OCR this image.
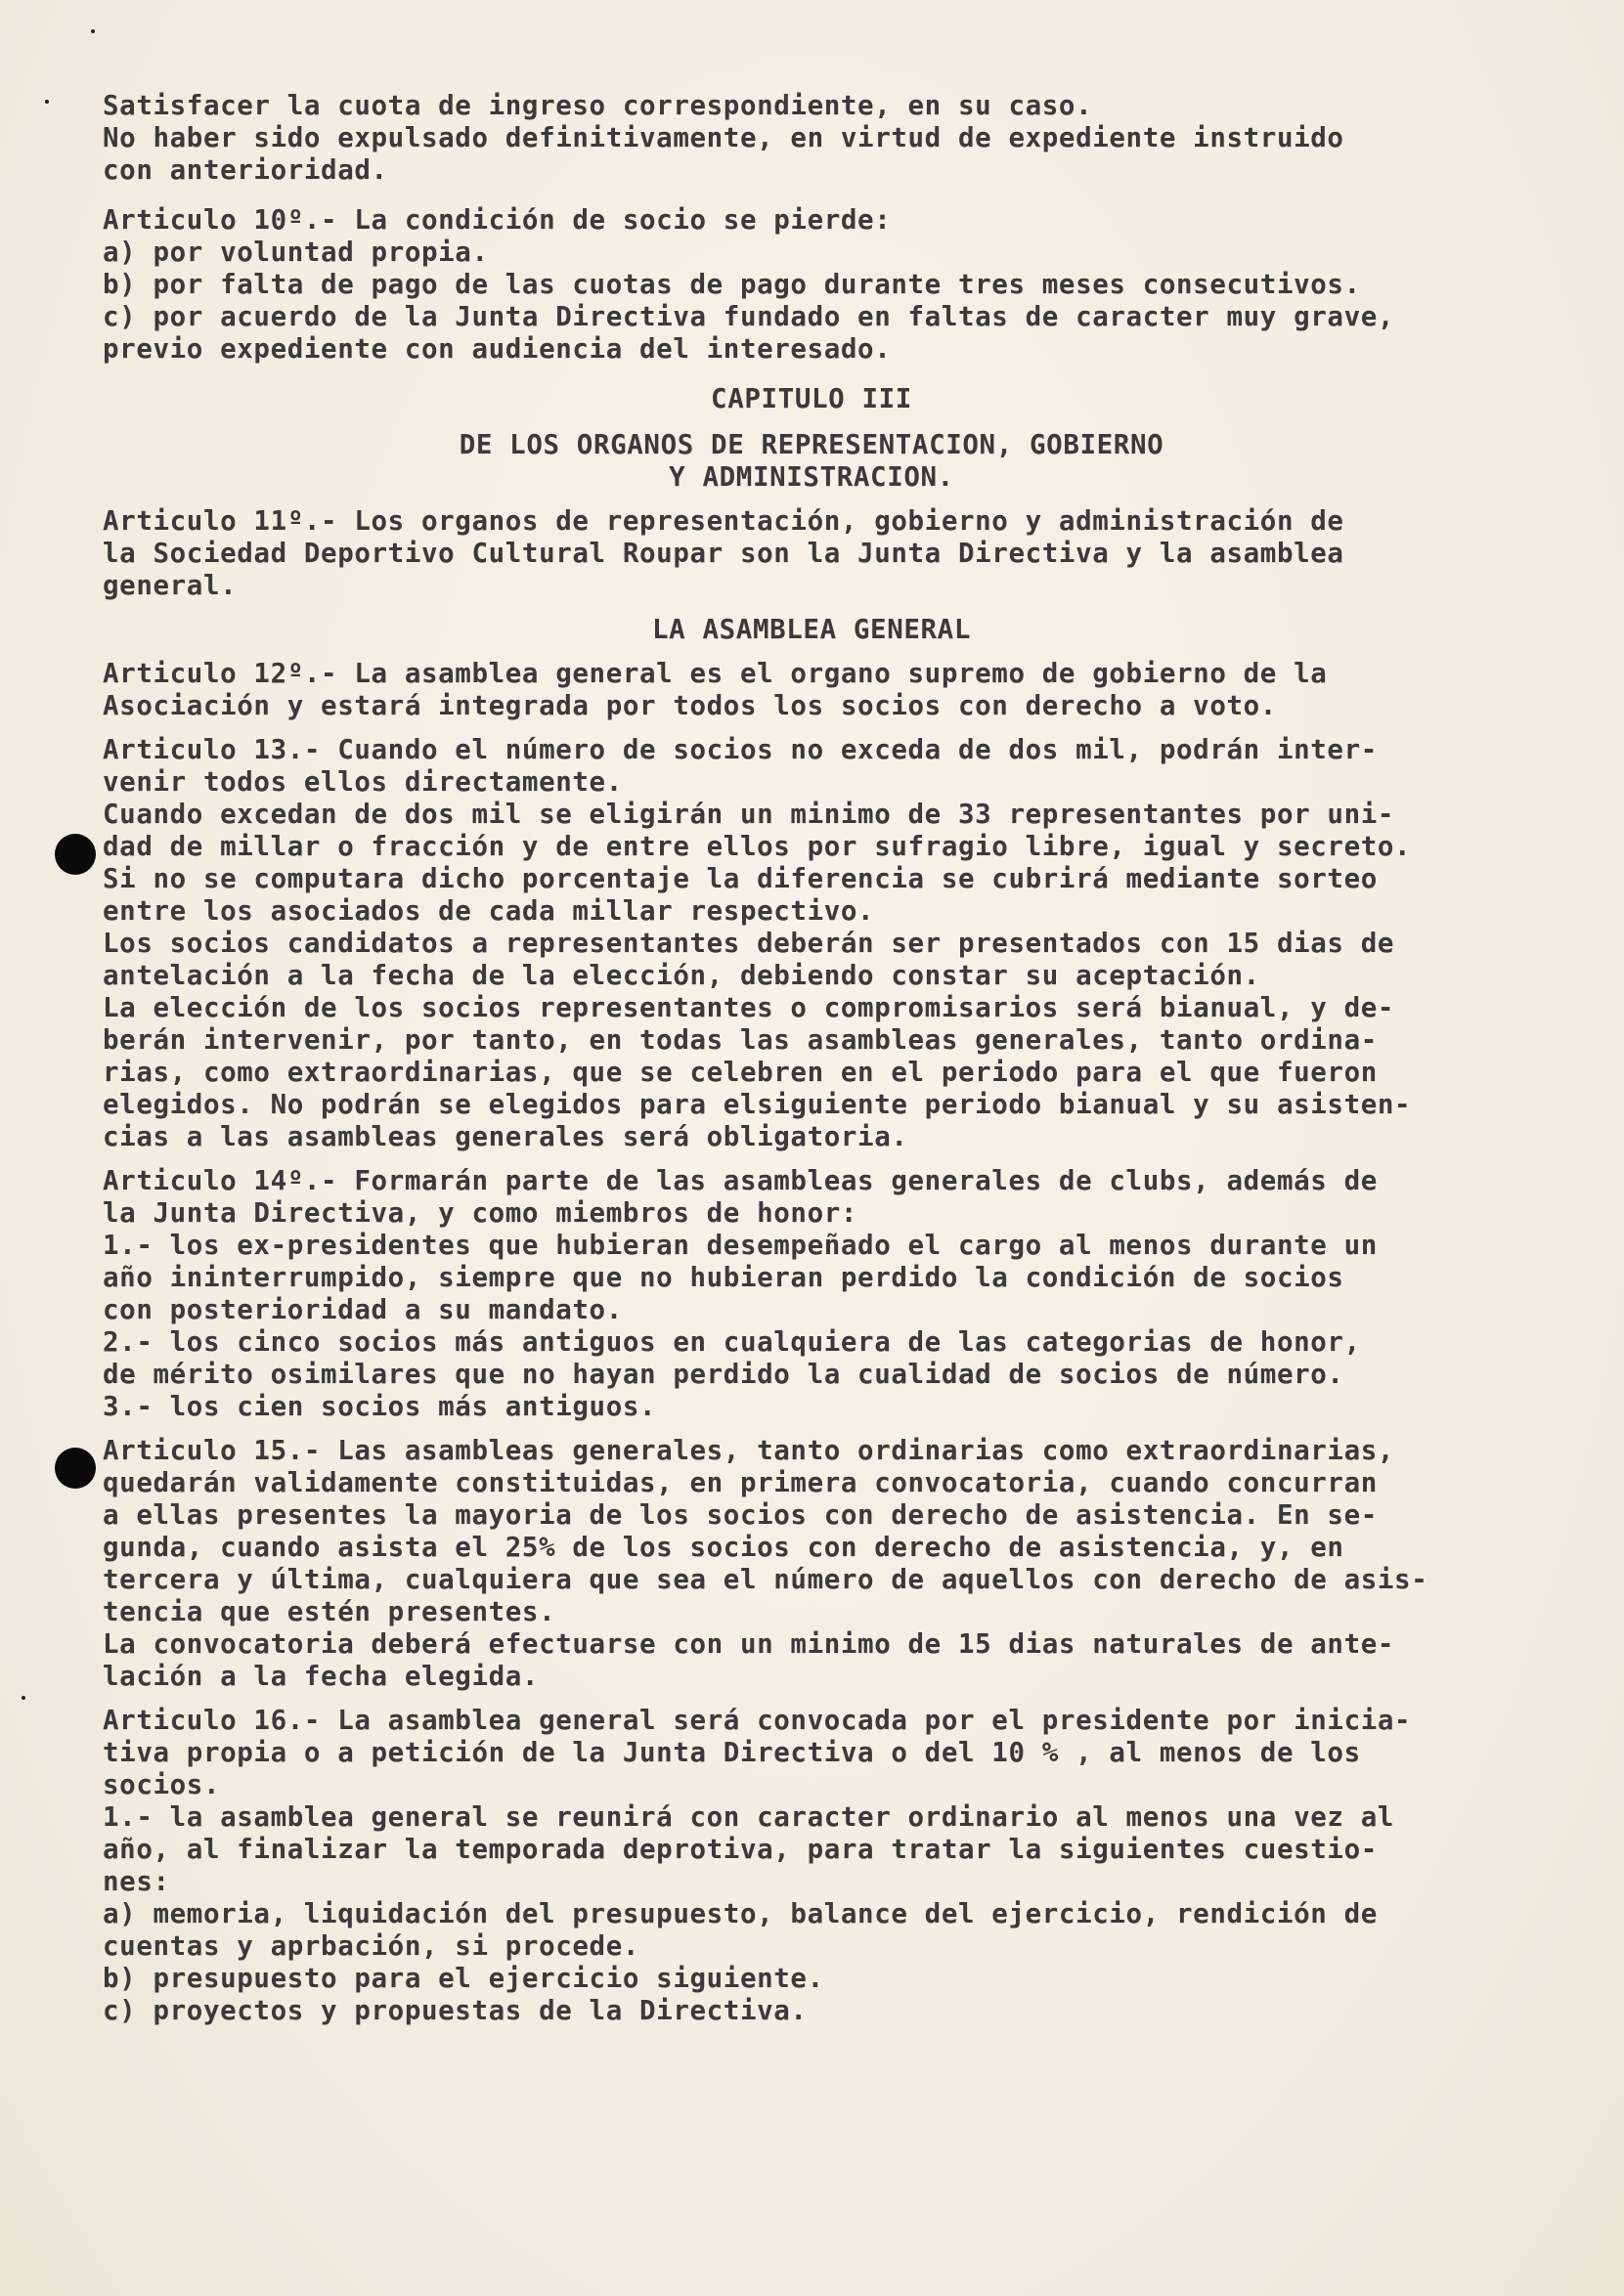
Satisfacer la cuota de ingreso correspondiente, en su caso.
No haber sido expulsado definitivamente, en virtud de expediente instruido
con anterioridad.
Articulo 10º.- La condición de socio se pierde:
a) por voluntad propia.
b) por falta de pago de las cuotas de pago durante tres meses consecutivos.
c) por acuerdo de la Junta Directiva fundado en faltas de caracter muy grave,
previo expediente con audiencia del interesado.
CAPITULO III
DE LOS ORGANOS DE REPRESENTACION, GOBIERNO
Y ADMINISTRACION.
Articulo 11º.- Los organos de representación, gobierno y administración de
la Sociedad Deportivo Cultural Roupar son la Junta Directiva y la asamblea
general.
LA ASAMBLEA GENERAL
Articulo 12º.- La asamblea general es el organo supremo de gobierno de la
Asociación y estará integrada por todos los socios con derecho a voto.
Articulo 13.- Cuando el número de socios no exceda de dos mil, podrán inter-
venir todos ellos directamente.
Cuando excedan de dos mil se eligirán un minimo de 33 representantes por uni-
dad de millar o fracción y de entre ellos por sufragio libre, igual y secreto.
Si no se computara dicho porcentaje la diferencia se cubrirá mediante sorteo
entre los asociados de cada millar respectivo.
Los socios candidatos a representantes deberán ser presentados con 15 dias de
antelación a la fecha de la elección, debiendo constar su aceptación.
La elección de los socios representantes o compromisarios será bianual, y de-
berán intervenir, por tanto, en todas las asambleas generales, tanto ordina-
rias, como extraordinarias, que se celebren en el periodo para el que fueron
elegidos. No podrán se elegidos para elsiguiente periodo bianual y su asisten-
cias a las asambleas generales será obligatoria.
Articulo 14º.- Formarán parte de las asambleas generales de clubs, además de
la Junta Directiva, y como miembros de honor:
1.- los ex-presidentes que hubieran desempeñado el cargo al menos durante un
año ininterrumpido, siempre que no hubieran perdido la condición de socios
con posterioridad a su mandato.
2.- los cinco socios más antiguos en cualquiera de las categorias de honor,
de mérito osimilares que no hayan perdido la cualidad de socios de número.
3.- los cien socios más antiguos.
Articulo 15.- Las asambleas generales, tanto ordinarias como extraordinarias,
quedarán validamente constituidas, en primera convocatoria, cuando concurran
a ellas presentes la mayoria de los socios con derecho de asistencia. En se-
gunda, cuando asista el 25% de los socios con derecho de asistencia, y, en
tercera y última, cualquiera que sea el número de aquellos con derecho de asis-
tencia que estén presentes.
La convocatoria deberá efectuarse con un minimo de 15 dias naturales de ante-
lación a la fecha elegida.
Articulo 16.- La asamblea general será convocada por el presidente por inicia-
tiva propia o a petición de la Junta Directiva o del 10 % , al menos de los
socios.
1.- la asamblea general se reunirá con caracter ordinario al menos una vez al
año, al finalizar la temporada deprotiva, para tratar la siguientes cuestio-
nes:
a) memoria, liquidación del presupuesto, balance del ejercicio, rendición de
cuentas y aprbación, si procede.
b) presupuesto para el ejercicio siguiente.
c) proyectos y propuestas de la Directiva.
